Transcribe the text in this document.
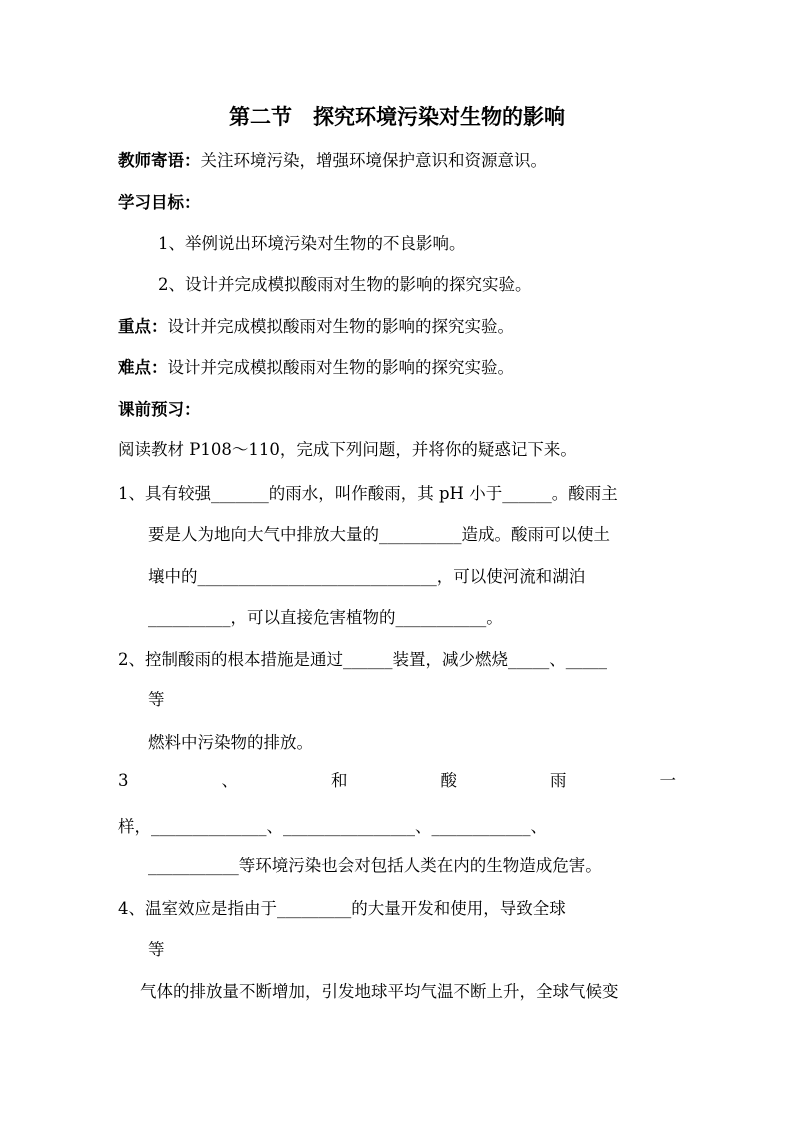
第二节　探究环境污染对生物的影响
教师寄语：关注环境污染，增强环境保护意识和资源意识。
学习目标：
1、举例说出环境污染对生物的不良影响。
2、设计并完成模拟酸雨对生物的影响的探究实验。
重点：设计并完成模拟酸雨对生物的影响的探究实验。
难点：设计并完成模拟酸雨对生物的影响的探究实验。
课前预习：
阅读教材 P108～110，完成下列问题，并将你的疑惑记下来。
1、具有较强_______的雨水，叫作酸雨，其 pH 小于______。酸雨主
要是人为地向大气中排放大量的__________造成。酸雨可以使土
壤中的_____________________________，可以使河流和湖泊
__________，可以直接危害植物的___________。
2、控制酸雨的根本措施是通过______装置，减少燃烧_____、_____
等
燃料中污染物的排放。
3	、	和	酸	雨	一
样，______________、________________、____________、
___________等环境污染也会对包括人类在内的生物造成危害。
4、温室效应是指由于_________的大量开发和使用，导致全球
等
气体的排放量不断增加，引发地球平均气温不断上升，全球气候变
